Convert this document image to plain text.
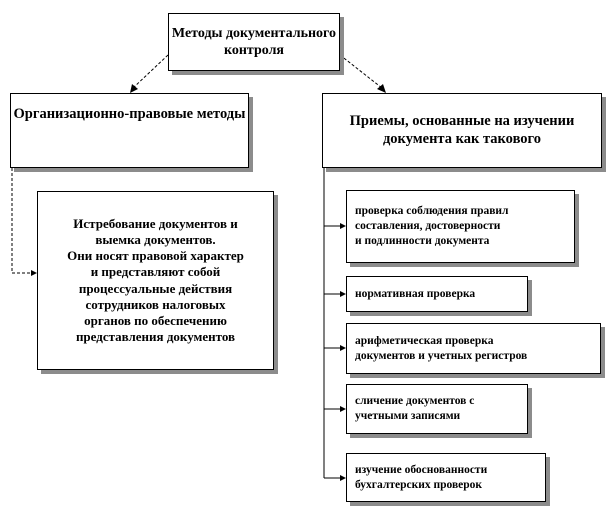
Методы документального контроля
Организационно-правовые методы	Приемы, основанные на изучении документа как такового
Истребование документов и
выемка документов.
Они носят правовой характер
и представляют собой
процессуальные действия
сотрудников налоговых
органов по обеспечению
представления документов
проверка соблюдения правил
составления, достоверности
и подлинности документа
нормативная проверка
арифметическая проверка
документов и учетных регистров
сличение документов с
учетными записями
изучение обоснованности
бухгалтерских проверок
